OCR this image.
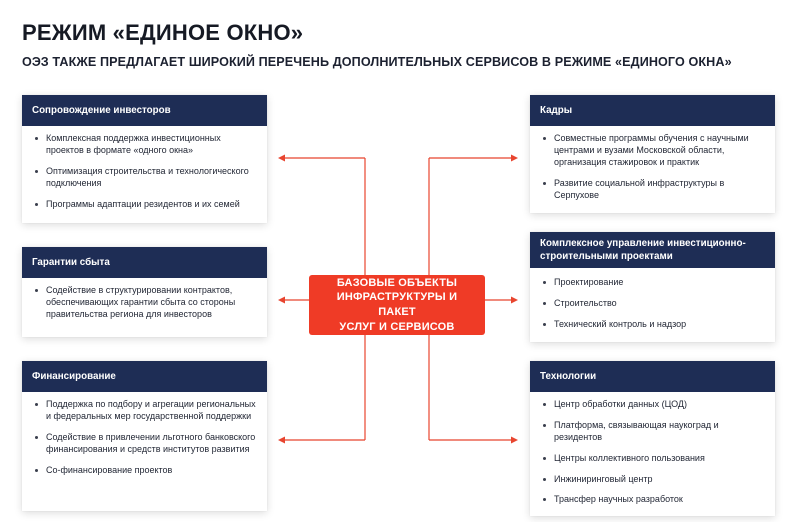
РЕЖИМ «ЕДИНОЕ ОКНО»
ОЭЗ ТАКЖЕ ПРЕДЛАГАЕТ ШИРОКИЙ ПЕРЕЧЕНЬ ДОПОЛНИТЕЛЬНЫХ СЕРВИСОВ В РЕЖИМЕ «ЕДИНОГО ОКНА»
БАЗОВЫЕ ОБЪЕКТЫ
ИНФРАСТРУКТУРЫ И ПАКЕТ
УСЛУГ И СЕРВИСОВ
Сопровождение инвесторов
Комплексная поддержка инвестиционных проектов в формате «одного окна»
Оптимизация строительства и технологического подключения
Программы адаптации резидентов и их семей
Гарантии сбыта
Содействие в структурировании контрактов, обеспечивающих гарантии сбыта со стороны правительства региона для инвесторов
Финансирование
Поддержка по подбору и агрегации региональных и федеральных мер государственной поддержки
Содействие в привлечении льготного банковского финансирования и средств институтов развития
Со-финансирование проектов
Кадры
Совместные программы обучения с научными центрами и вузами Московской области, организация стажировок и практик
Развитие социальной инфраструктуры в Серпухове
Комплексное управление инвестиционно-строительными проектами
Проектирование
Строительство
Технический контроль и надзор
Технологии
Центр обработки данных (ЦОД)
Платформа, связывающая наукоград и резидентов
Центры коллективного пользования
Инжиниринговый центр
Трансфер научных разработок
